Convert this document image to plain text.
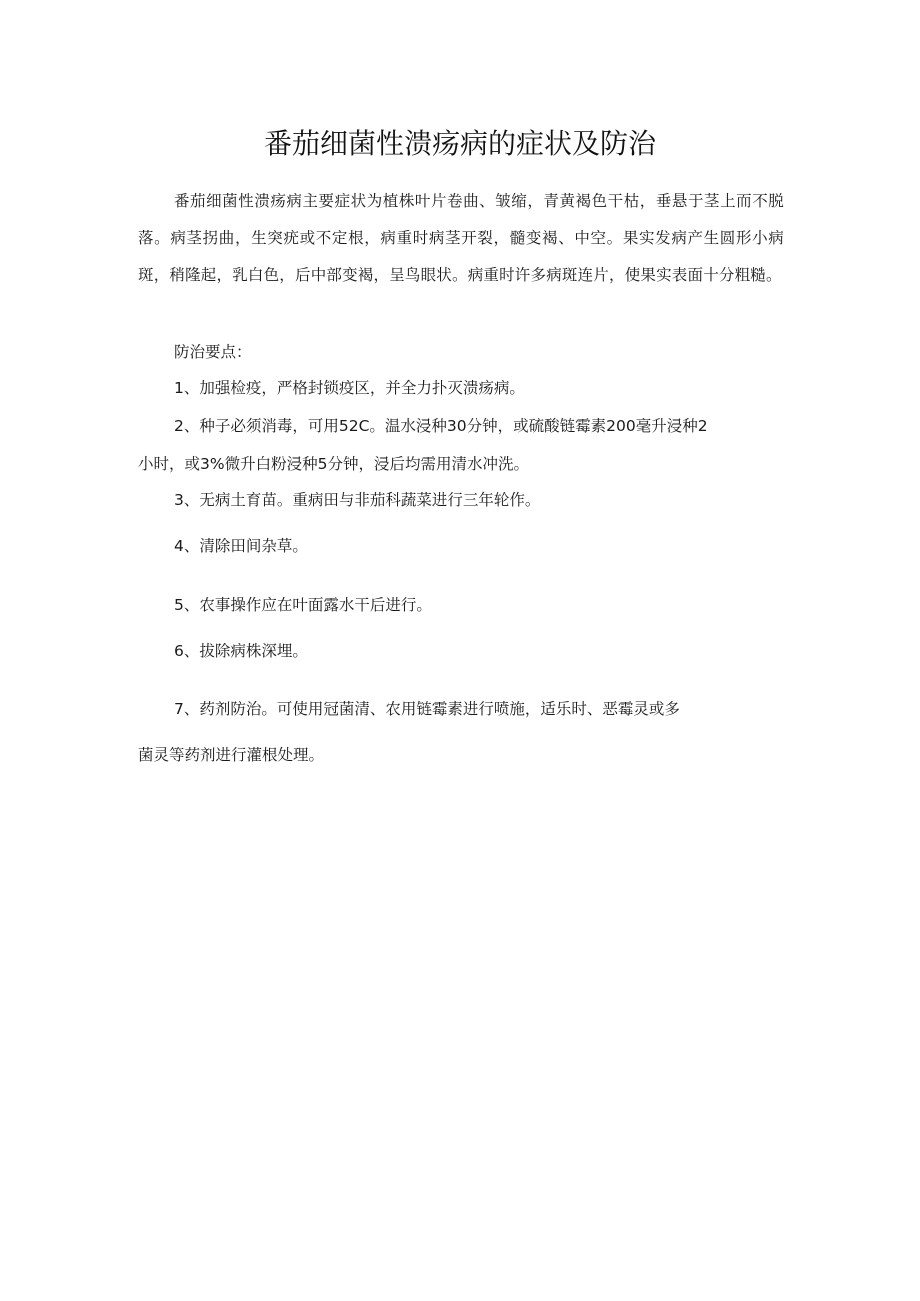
番茄细菌性溃疡病的症状及防治

番茄细菌性溃疡病主要症状为植株叶片卷曲、皱缩，青黄褐色干枯，垂悬于茎上而不脱落。病茎拐曲，生突疣或不定根，病重时病茎开裂，髓变褐、中空。果实发病产生圆形小病斑，稍隆起，乳白色，后中部变褐，呈鸟眼状。病重时许多病斑连片，使果实表面十分粗糙。

防治要点：

1、加强检疫，严格封锁疫区，并全力扑灭溃疡病。

2、种子必须消毒，可用52C。温水浸种30分钟，或硫酸链霉素200毫升浸种2

小时，或3%微升白粉浸种5分钟，浸后均需用清水冲洗。

3、无病土育苗。重病田与非茄科蔬菜进行三年轮作。

4、清除田间杂草。

5、农事操作应在叶面露水干后进行。

6、拔除病株深埋。

7、药剂防治。可使用冠菌清、农用链霉素进行喷施，适乐时、恶霉灵或多

菌灵等药剂进行灌根处理。
